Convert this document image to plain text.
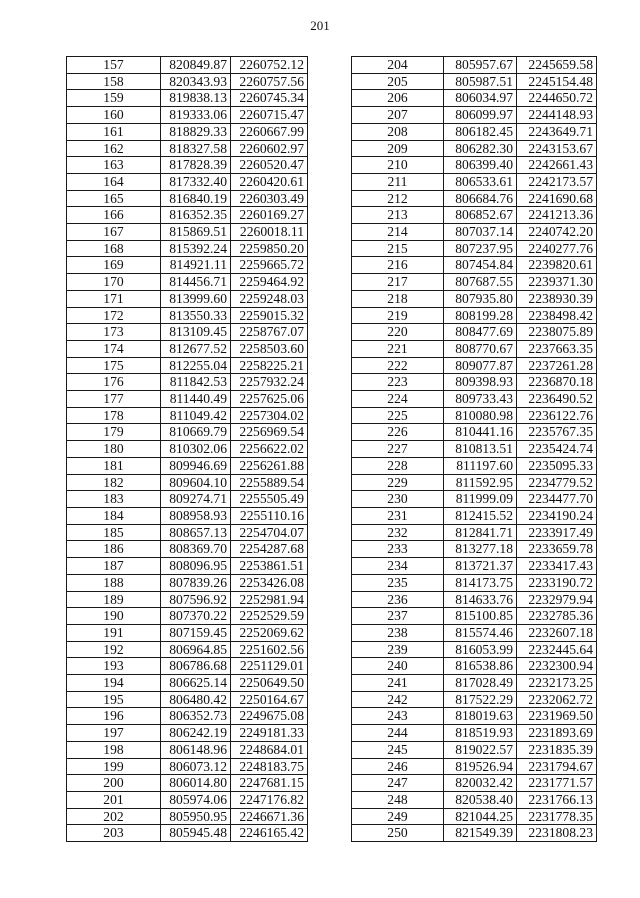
201
157	820849.87	2260752.12
158	820343.93	2260757.56
159	819838.13	2260745.34
160	819333.06	2260715.47
161	818829.33	2260667.99
162	818327.58	2260602.97
163	817828.39	2260520.47
164	817332.40	2260420.61
165	816840.19	2260303.49
166	816352.35	2260169.27
167	815869.51	2260018.11
168	815392.24	2259850.20
169	814921.11	2259665.72
170	814456.71	2259464.92
171	813999.60	2259248.03
172	813550.33	2259015.32
173	813109.45	2258767.07
174	812677.52	2258503.60
175	812255.04	2258225.21
176	811842.53	2257932.24
177	811440.49	2257625.06
178	811049.42	2257304.02
179	810669.79	2256969.54
180	810302.06	2256622.02
181	809946.69	2256261.88
182	809604.10	2255889.54
183	809274.71	2255505.49
184	808958.93	2255110.16
185	808657.13	2254704.07
186	808369.70	2254287.68
187	808096.95	2253861.51
188	807839.26	2253426.08
189	807596.92	2252981.94
190	807370.22	2252529.59
191	807159.45	2252069.62
192	806964.85	2251602.56
193	806786.68	2251129.01
194	806625.14	2250649.50
195	806480.42	2250164.67
196	806352.73	2249675.08
197	806242.19	2249181.33
198	806148.96	2248684.01
199	806073.12	2248183.75
200	806014.80	2247681.15
201	805974.06	2247176.82
202	805950.95	2246671.36
203	805945.48	2246165.42
204	805957.67	2245659.58
205	805987.51	2245154.48
206	806034.97	2244650.72
207	806099.97	2244148.93
208	806182.45	2243649.71
209	806282.30	2243153.67
210	806399.40	2242661.43
211	806533.61	2242173.57
212	806684.76	2241690.68
213	806852.67	2241213.36
214	807037.14	2240742.20
215	807237.95	2240277.76
216	807454.84	2239820.61
217	807687.55	2239371.30
218	807935.80	2238930.39
219	808199.28	2238498.42
220	808477.69	2238075.89
221	808770.67	2237663.35
222	809077.87	2237261.28
223	809398.93	2236870.18
224	809733.43	2236490.52
225	810080.98	2236122.76
226	810441.16	2235767.35
227	810813.51	2235424.74
228	811197.60	2235095.33
229	811592.95	2234779.52
230	811999.09	2234477.70
231	812415.52	2234190.24
232	812841.71	2233917.49
233	813277.18	2233659.78
234	813721.37	2233417.43
235	814173.75	2233190.72
236	814633.76	2232979.94
237	815100.85	2232785.36
238	815574.46	2232607.18
239	816053.99	2232445.64
240	816538.86	2232300.94
241	817028.49	2232173.25
242	817522.29	2232062.72
243	818019.63	2231969.50
244	818519.93	2231893.69
245	819022.57	2231835.39
246	819526.94	2231794.67
247	820032.42	2231771.57
248	820538.40	2231766.13
249	821044.25	2231778.35
250	821549.39	2231808.23
